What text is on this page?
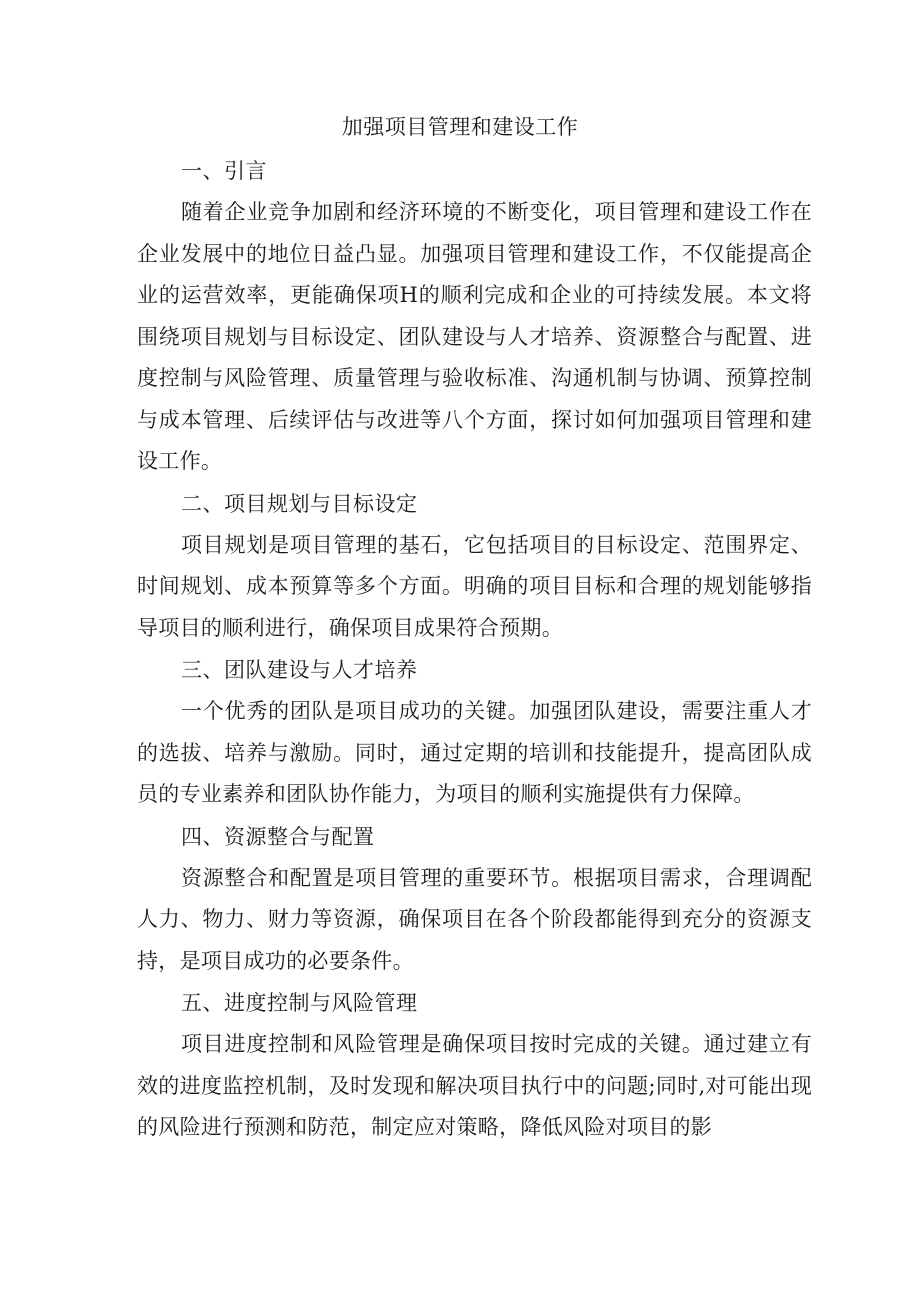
加强项目管理和建设工作
一、引言

随着企业竞争加剧和经济环境的不断变化，项目管理和建设工作在企业发展中的地位日益凸显。加强项目管理和建设工作，不仅能提高企业的运营效率，更能确保项H的顺利完成和企业的可持续发展。本文将围绕项目规划与目标设定、团队建设与人才培养、资源整合与配置、进度控制与风险管理、质量管理与验收标准、沟通机制与协调、预算控制与成本管理、后续评估与改进等八个方面，探讨如何加强项目管理和建设工作。

二、项目规划与目标设定

项目规划是项目管理的基石，它包括项目的目标设定、范围界定、时间规划、成本预算等多个方面。明确的项目目标和合理的规划能够指导项目的顺利进行，确保项目成果符合预期。

三、团队建设与人才培养

一个优秀的团队是项目成功的关键。加强团队建设，需要注重人才的选拔、培养与激励。同时，通过定期的培训和技能提升，提高团队成员的专业素养和团队协作能力，为项目的顺利实施提供有力保障。

四、资源整合与配置

资源整合和配置是项目管理的重要环节。根据项目需求，合理调配人力、物力、财力等资源，确保项目在各个阶段都能得到充分的资源支持，是项目成功的必要条件。

五、进度控制与风险管理

项目进度控制和风险管理是确保项目按时完成的关键。通过建立有效的进度监控机制，及时发现和解决项目执行中的问题;同时,对可能出现的风险进行预测和防范，制定应对策略，降低风险对项目的影
